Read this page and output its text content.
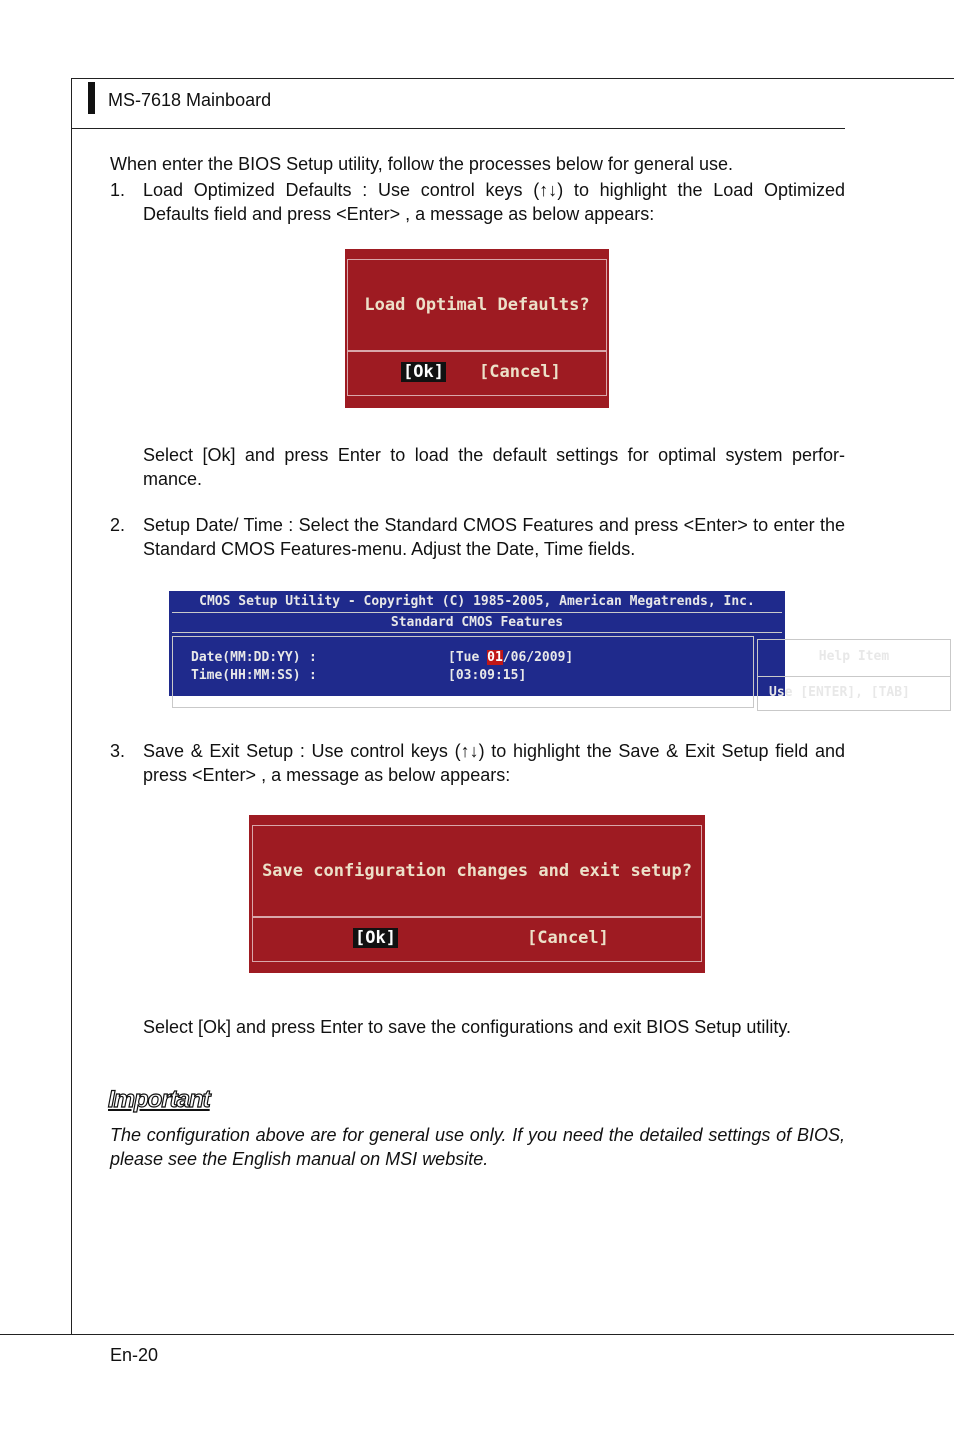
MS-7618 Mainboard

When enter the BIOS Setup utility, follow the processes below for general use.

1. Load Optimized Defaults : Use control keys (↑↓) to highlight the Load Optimized Defaults field and press <Enter> , a message as below appears:

Load Optimal Defaults?
[Ok] [Cancel]

Select [Ok] and press Enter to load the default settings for optimal system perfor-mance.

2. Setup Date/ Time : Select the Standard CMOS Features and press <Enter> to enter the Standard CMOS Features-menu. Adjust the Date, Time fields.

CMOS Setup Utility - Copyright (C) 1985-2005, American Megatrends, Inc.
Standard CMOS Features
Help Item
Use [ENTER], [TAB]
Date(MM:DD:YY) :	[Tue 01/06/2009]
Time(HH:MM:SS) :	[03:09:15]
3. Save & Exit Setup : Use control keys (↑↓) to highlight the Save & Exit Setup field and press <Enter> , a message as below appears:

Save configuration changes and exit setup?
[Ok]	[Cancel]

Select [Ok] and press Enter to save the configurations and exit BIOS Setup utility.

Important

The configuration above are for general use only. If you need the detailed settings of BIOS, please see the English manual on MSI website.

En-20
